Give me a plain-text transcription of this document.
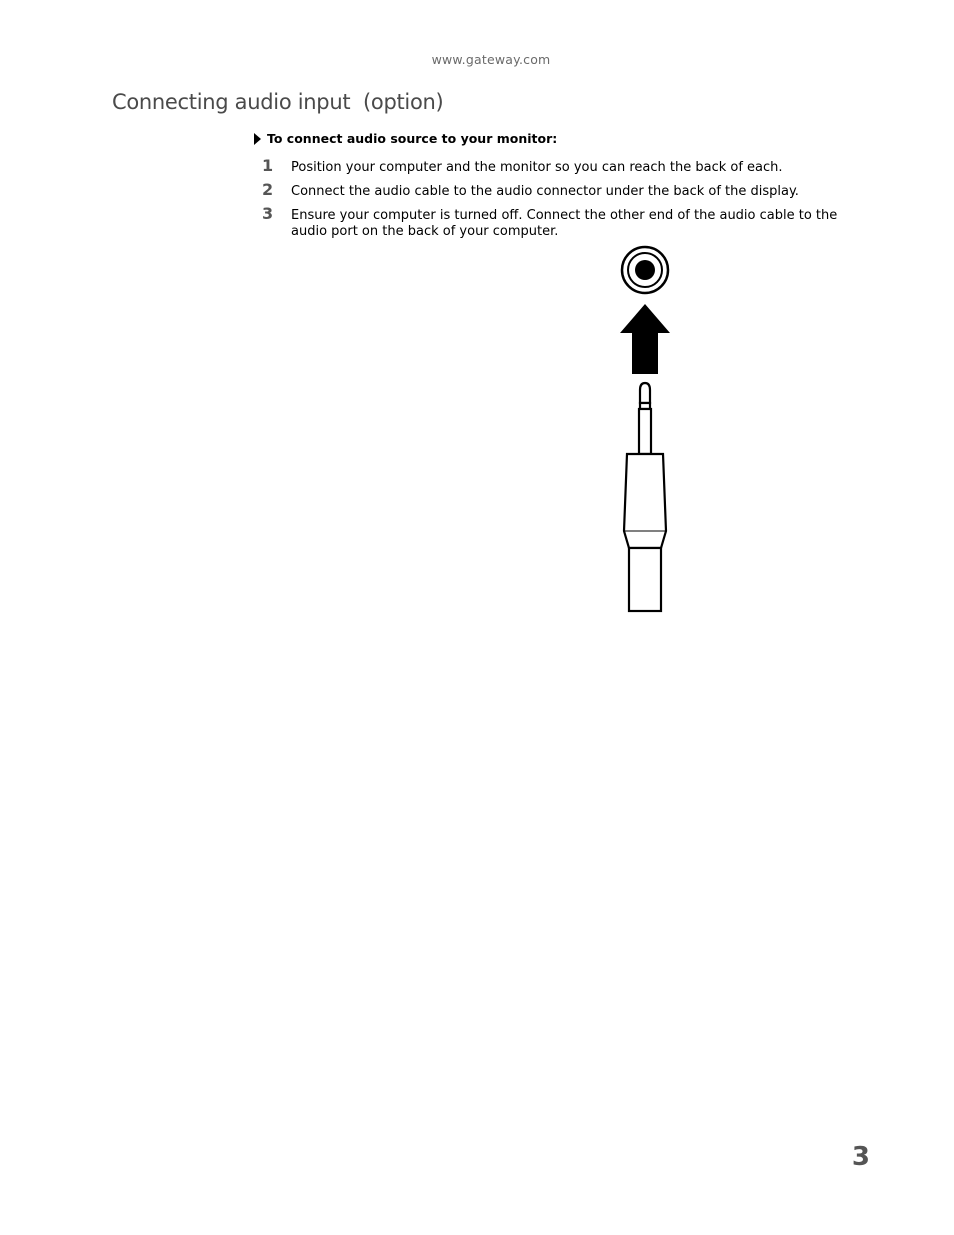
www.gateway.com
Connecting audio input  (option)
To connect audio source to your monitor:
1	Position your computer and the monitor so you can reach the back of each.
2	Connect the audio cable to the audio connector under the back of the display.
3	Ensure your computer is turned off. Connect the other end of the audio cable to the audio port on the back of your computer.
3
